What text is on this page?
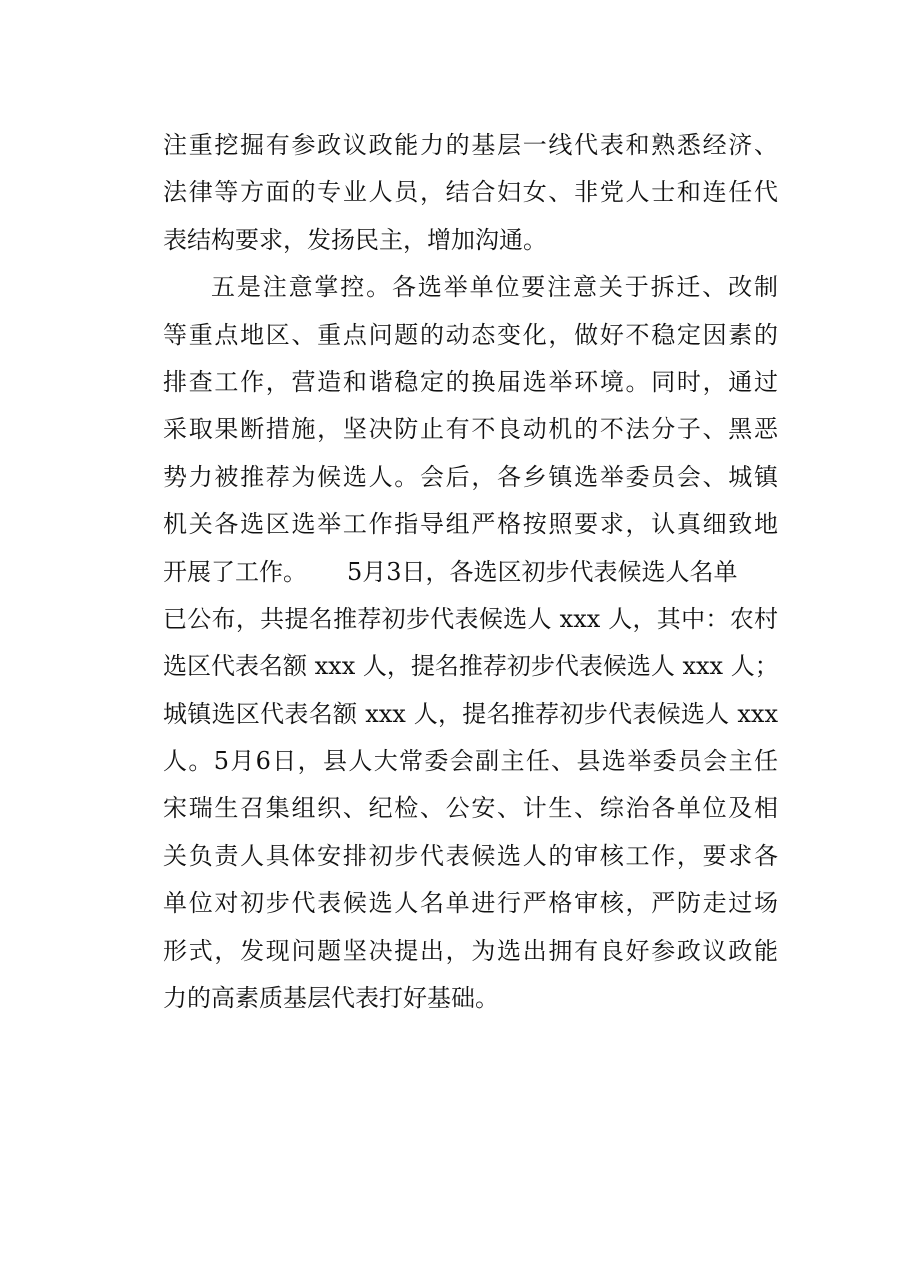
注重挖掘有参政议政能力的基层一线代表和熟悉经济、
法律等方面的专业人员，结合妇女、非党人士和连任代
表结构要求，发扬民主，增加沟通。
五是注意掌控。各选举单位要注意关于拆迁、改制
等重点地区、重点问题的动态变化，做好不稳定因素的
排查工作，营造和谐稳定的换届选举环境。同时，通过
采取果断措施，坚决防止有不良动机的不法分子、黑恶
势力被推荐为候选人。会后，各乡镇选举委员会、城镇
机关各选区选举工作指导组严格按照要求，认真细致地
开展了工作。 5月3日，各选区初步代表候选人名单
已公布，共提名推荐初步代表候选人 xxx 人，其中：农村
选区代表名额 xxx 人，提名推荐初步代表候选人 xxx 人；
城镇选区代表名额 xxx 人，提名推荐初步代表候选人 xxx
人。5月6日，县人大常委会副主任、县选举委员会主任
宋瑞生召集组织、纪检、公安、计生、综治各单位及相
关负责人具体安排初步代表候选人的审核工作，要求各
单位对初步代表候选人名单进行严格审核，严防走过场
形式，发现问题坚决提出，为选出拥有良好参政议政能
力的高素质基层代表打好基础。
